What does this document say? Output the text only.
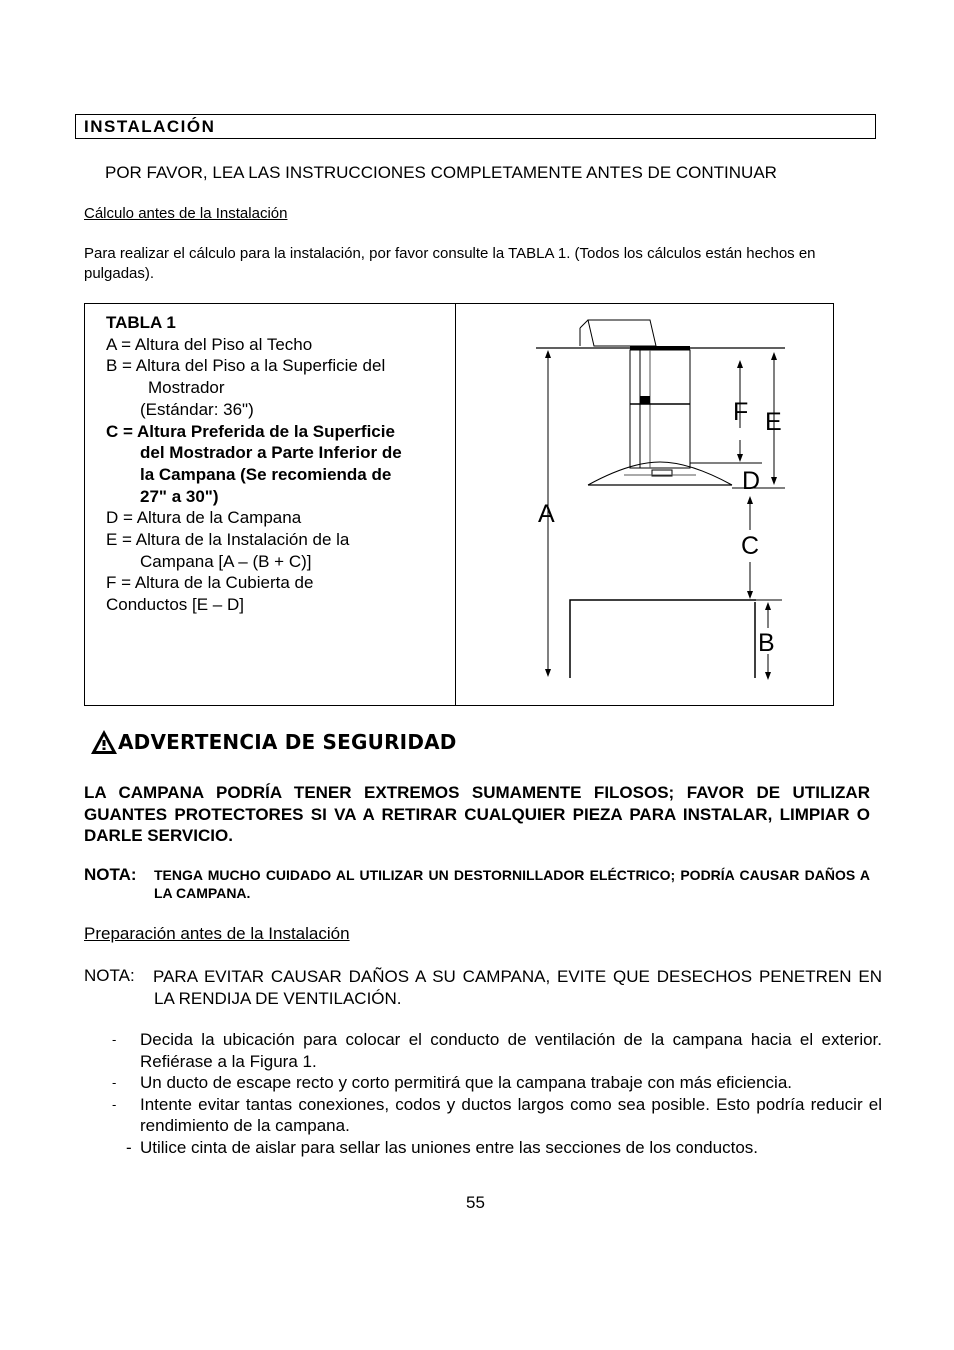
INSTALACIÓN
POR FAVOR, LEA LAS INSTRUCCIONES COMPLETAMENTE ANTES DE CONTINUAR
Cálculo antes de la Instalación
Para realizar el cálculo para la instalación, por favor consulte la TABLA 1. (Todos los cálculos están hechos en pulgadas).
TABLA 1
A = Altura del Piso al Techo
B = Altura del Piso a la Superficie del
Mostrador
(Estándar: 36")
C = Altura Preferida de la Superficie
del Mostrador a Parte Inferior de
la Campana (Se recomienda de
27" a 30")
D = Altura de la Campana
E = Altura de la Instalación de la
Campana [A – (B + C)]
F = Altura de la Cubierta de
Conductos [E – D]
A
B
C
D
E
F
ADVERTENCIA DE SEGURIDAD
LA CAMPANA PODRÍA TENER EXTREMOS SUMAMENTE FILOSOS; FAVOR DE UTILIZAR GUANTES PROTECTORES SI VA A RETIRAR CUALQUIER PIEZA PARA INSTALAR, LIMPIAR O DARLE SERVICIO.
NOTA: TENGA MUCHO CUIDADO AL UTILIZAR UN DESTORNILLADOR ELÉCTRICO; PODRÍA CAUSAR DAÑOS A LA CAMPANA.
Preparación antes de la Instalación
NOTA: PARA EVITAR CAUSAR DAÑOS A SU CAMPANA, EVITE QUE DESECHOS PENETREN EN LA RENDIJA DE VENTILACIÓN.
- Decida la ubicación para colocar el conducto de ventilación de la campana hacia el exterior. Refiérase a la Figura 1.
- Un ducto de escape recto y corto permitirá que la campana trabaje con más eficiencia.
- Intente evitar tantas conexiones, codos y ductos largos como sea posible. Esto podría reducir el rendimiento de la campana.
- Utilice cinta de aislar para sellar las uniones entre las secciones de los conductos.
55
